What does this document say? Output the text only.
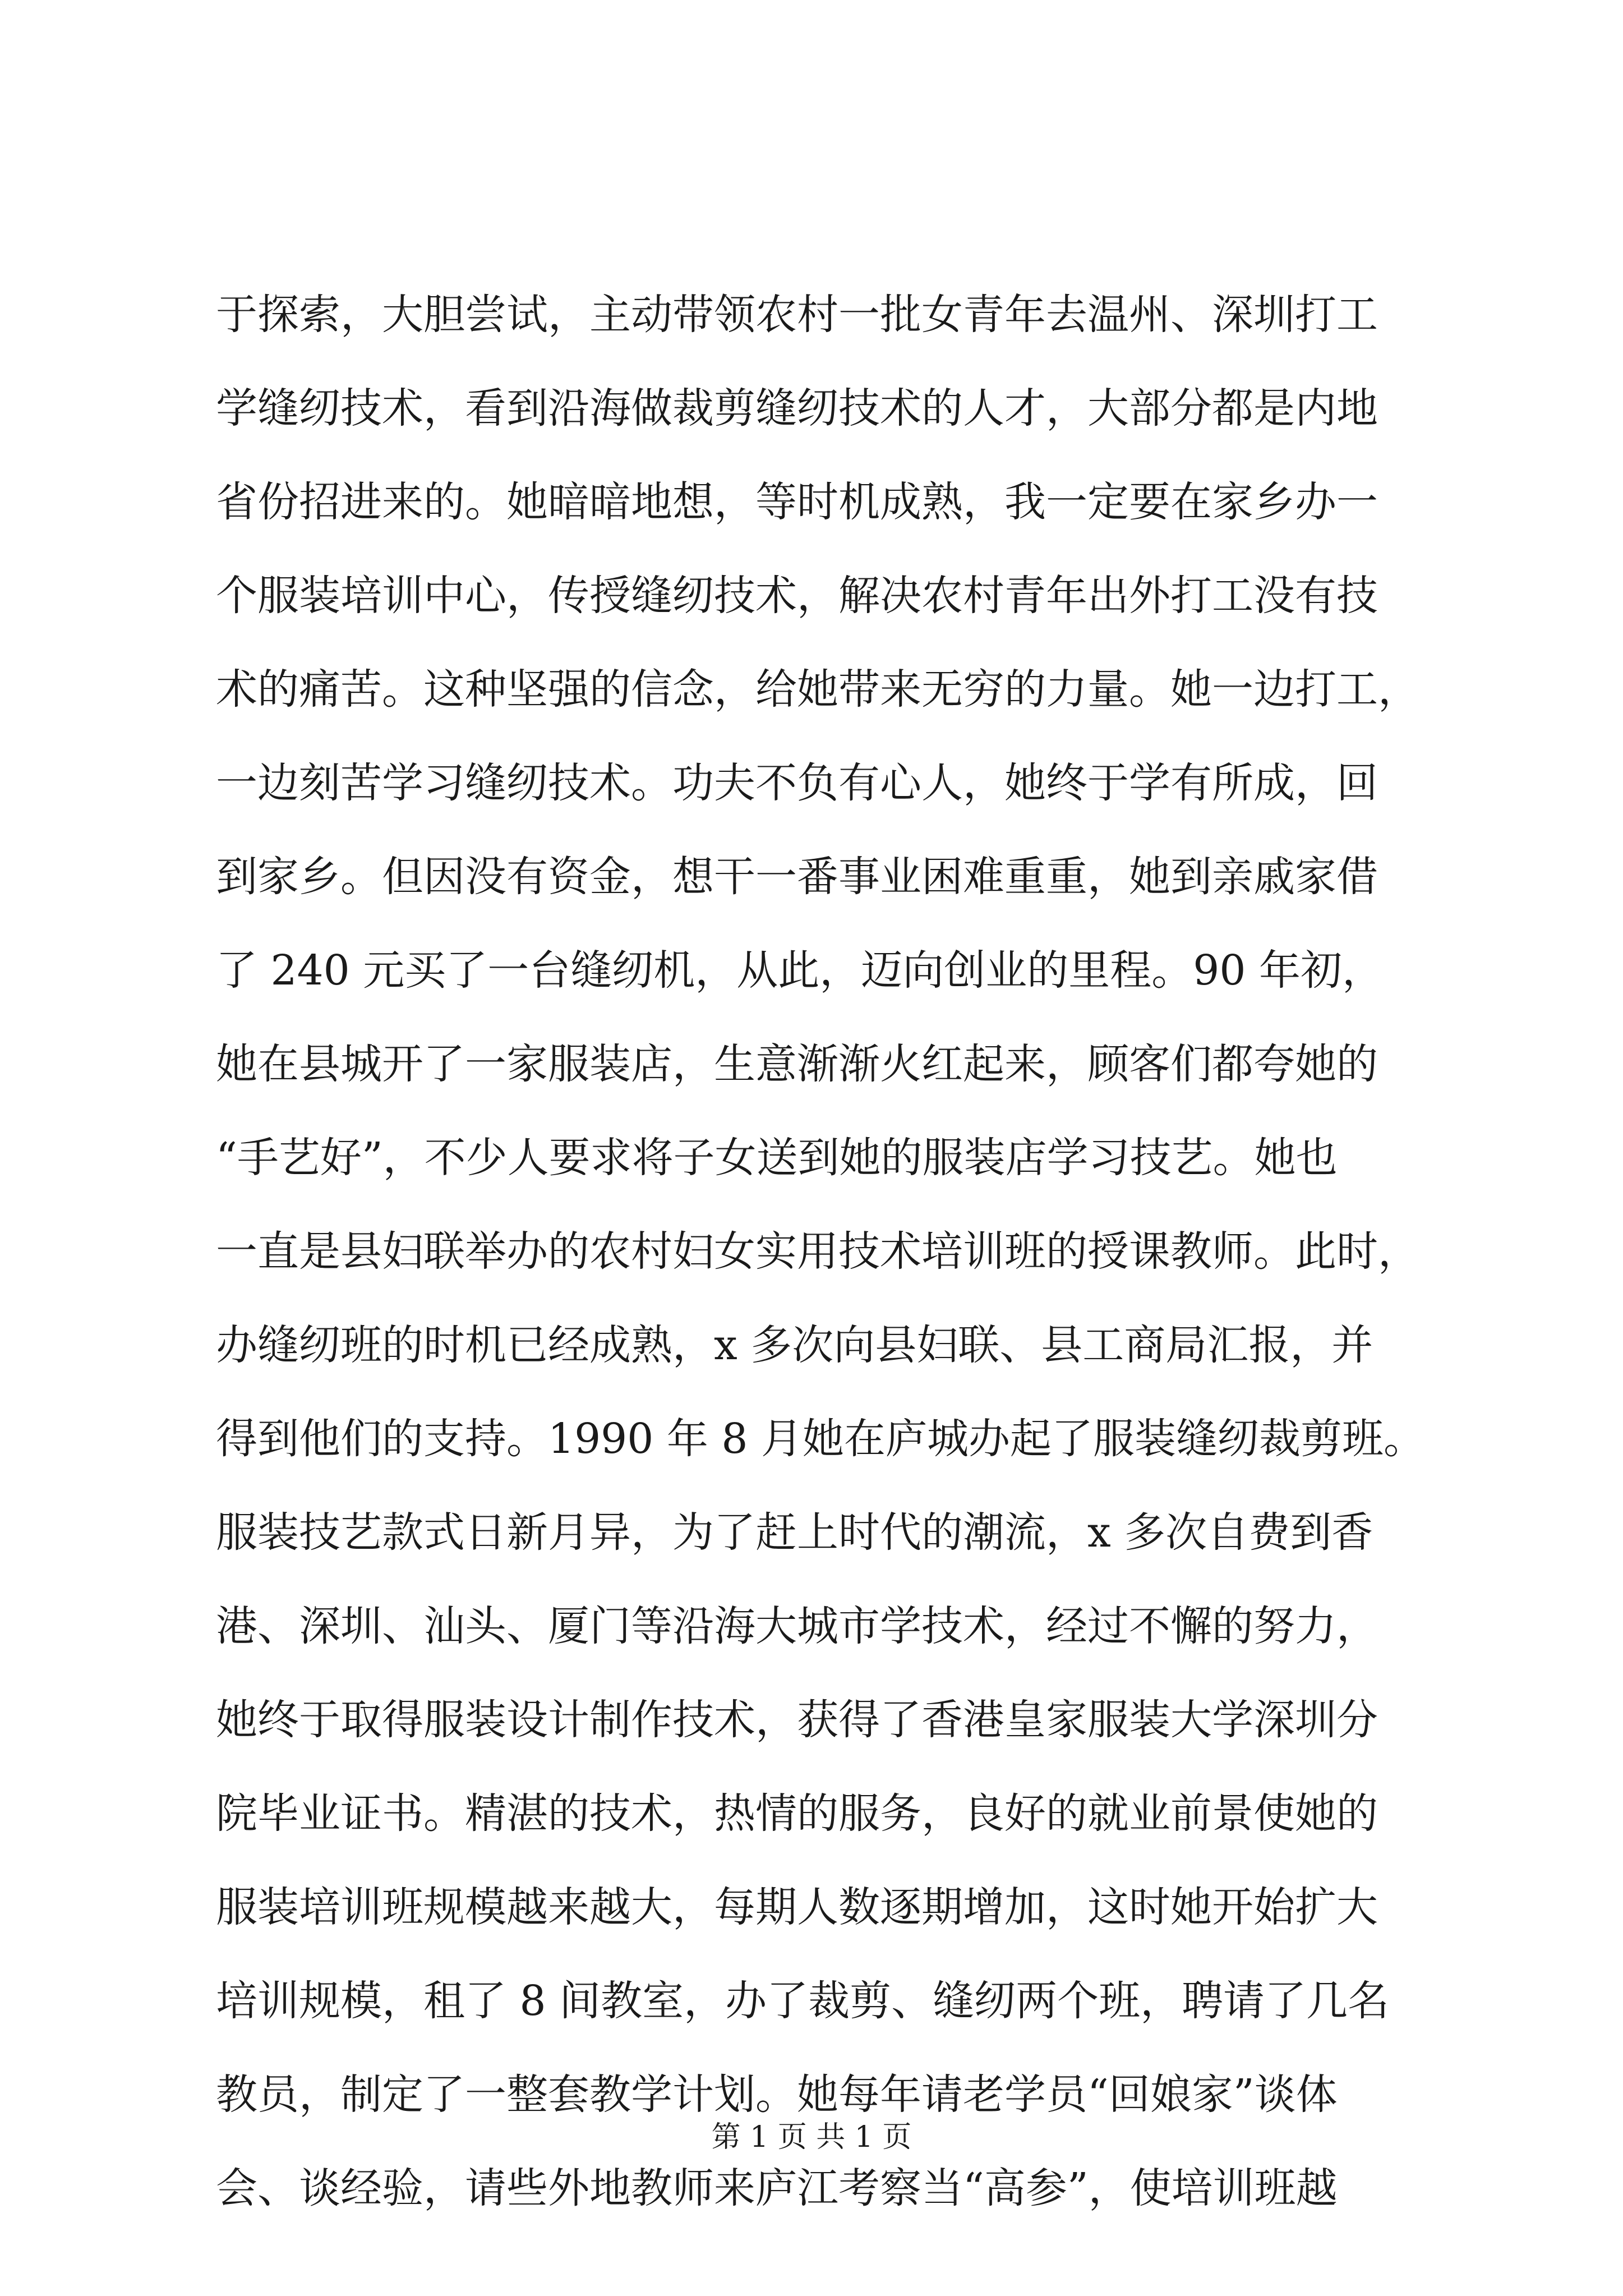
于探索，大胆尝试，主动带领农村一批女青年去温州、深圳打工
学缝纫技术，看到沿海做裁剪缝纫技术的人才，大部分都是内地
省份招进来的。她暗暗地想，等时机成熟，我一定要在家乡办一
个服装培训中心，传授缝纫技术，解决农村青年出外打工没有技
术的痛苦。这种坚强的信念，给她带来无穷的力量。她一边打工，
一边刻苦学习缝纫技术。功夫不负有心人，她终于学有所成，回
到家乡。但因没有资金，想干一番事业困难重重，她到亲戚家借
了 240 元买了一台缝纫机，从此，迈向创业的里程。90 年初，
她在县城开了一家服装店，生意渐渐火红起来，顾客们都夸她的
“手艺好”，不少人要求将子女送到她的服装店学习技艺。她也
一直是县妇联举办的农村妇女实用技术培训班的授课教师。此时，
办缝纫班的时机已经成熟，x 多次向县妇联、县工商局汇报，并
得到他们的支持。1990 年 8 月她在庐城办起了服装缝纫裁剪班。
服装技艺款式日新月异，为了赶上时代的潮流，x 多次自费到香
港、深圳、汕头、厦门等沿海大城市学技术，经过不懈的努力，
她终于取得服装设计制作技术，获得了香港皇家服装大学深圳分
院毕业证书。精湛的技术，热情的服务，良好的就业前景使她的
服装培训班规模越来越大，每期人数逐期增加，这时她开始扩大
培训规模，租了 8 间教室，办了裁剪、缝纫两个班，聘请了几名
教员，制定了一整套教学计划。她每年请老学员“回娘家”谈体
会、谈经验，请些外地教师来庐江考察当“高参”，使培训班越
第 1 页 共 1 页
